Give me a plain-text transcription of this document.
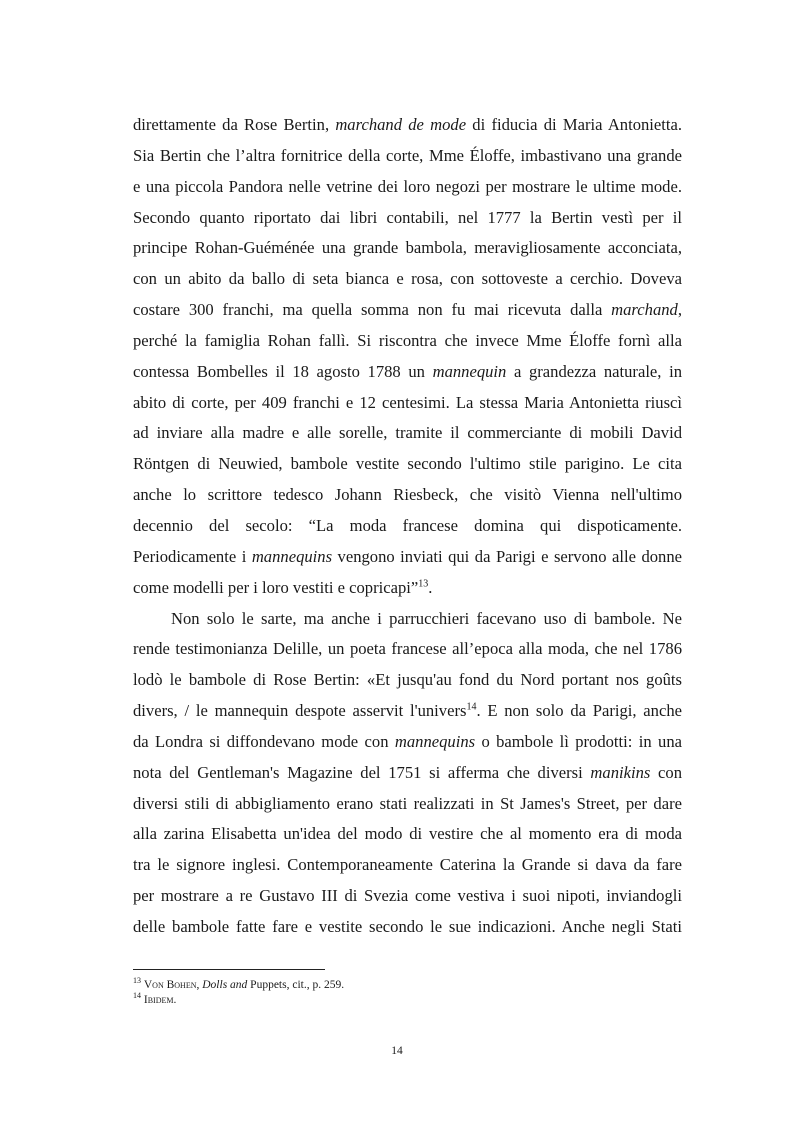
direttamente da Rose Bertin, marchand de mode di fiducia di Maria Antonietta.
Sia Bertin che l’altra fornitrice della corte, Mme Éloffe, imbastivano una grande
e una piccola Pandora nelle vetrine dei loro negozi per mostrare le ultime mode.
Secondo quanto riportato dai libri contabili, nel 1777 la Bertin vestì per il
principe Rohan-Guéménée una grande bambola, meravigliosamente acconciata,
con un abito da ballo di seta bianca e rosa, con sottoveste a cerchio. Doveva
costare 300 franchi, ma quella somma non fu mai ricevuta dalla marchand,
perché la famiglia Rohan fallì. Si riscontra che invece Mme Éloffe fornì alla
contessa Bombelles il 18 agosto 1788 un mannequin a grandezza naturale, in
abito di corte, per 409 franchi e 12 centesimi. La stessa Maria Antonietta riuscì
ad inviare alla madre e alle sorelle, tramite il commerciante di mobili David
Röntgen di Neuwied, bambole vestite secondo l'ultimo stile parigino. Le cita
anche lo scrittore tedesco Johann Riesbeck, che visitò Vienna nell'ultimo
decennio del secolo: “La moda francese domina qui dispoticamente.
Periodicamente i mannequins vengono inviati qui da Parigi e servono alle donne
come modelli per i loro vestiti e copricapi”$^{13}$.
Non solo le sarte, ma anche i parrucchieri facevano uso di bambole. Ne
rende testimonianza Delille, un poeta francese all’epoca alla moda, che nel 1786
lodò le bambole di Rose Bertin: «Et jusqu'au fond du Nord portant nos goûts
divers, / le mannequin despote asservit l'univers$^{14}$. E non solo da Parigi, anche
da Londra si diffondevano mode con mannequins o bambole lì prodotti: in una
nota del Gentleman's Magazine del 1751 si afferma che diversi manikins con
diversi stili di abbigliamento erano stati realizzati in St James's Street, per dare
alla zarina Elisabetta un'idea del modo di vestire che al momento era di moda
tra le signore inglesi. Contemporaneamente Caterina la Grande si dava da fare
per mostrare a re Gustavo III di Svezia come vestiva i suoi nipoti, inviandogli
delle bambole fatte fare e vestite secondo le sue indicazioni. Anche negli Stati
$^{13}$ Von Bohen, Dolls and Puppets, cit., p. 259.
$^{14}$ Ibidem.
14
